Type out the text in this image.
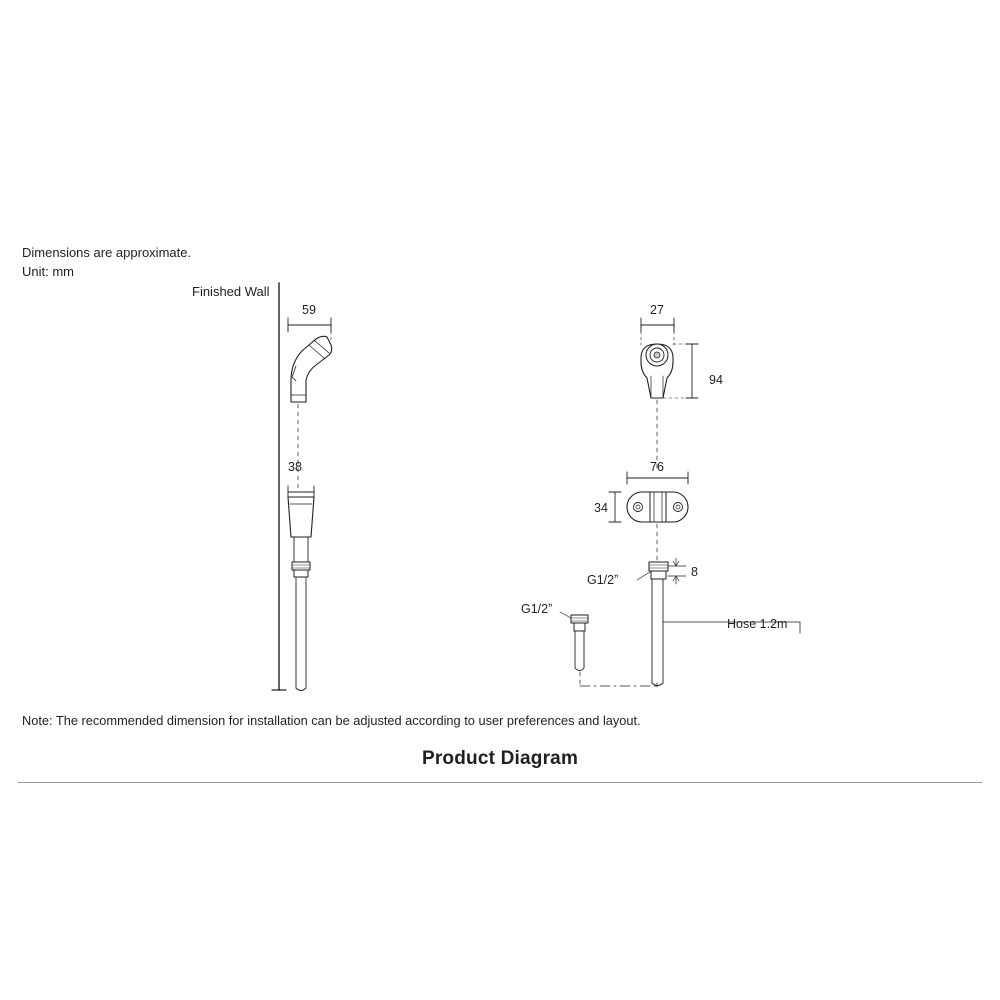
Dimensions are approximate.
Unit: mm
Finished Wall
59
38
27
94
76
34
8
G1/2ˮ
G1/2ˮ
Hose 1.2m
Note: The recommended dimension for installation can be adjusted according to user preferences and layout.
Product Diagram
